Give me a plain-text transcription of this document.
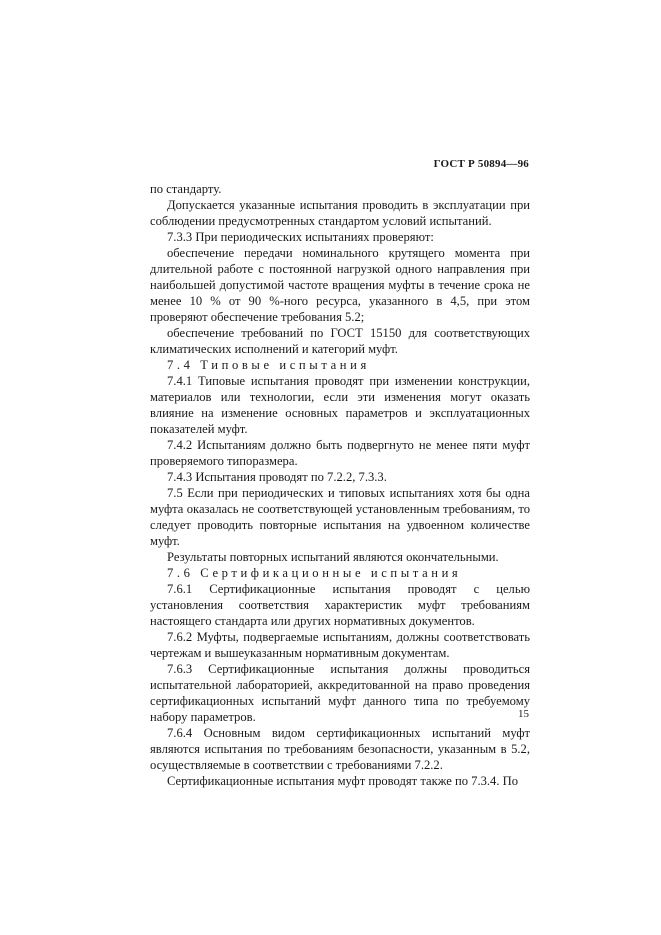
ГОСТ Р 50894—96

по стандарту.

Допускается указанные испытания проводить в эксплуатации при соблюдении предусмотренных стандартом условий испытаний.

7.3.3 При периодических испытаниях проверяют:

обеспечение передачи номинального крутящего момента при длительной работе с постоянной нагрузкой одного направления при наибольшей допустимой частоте вращения муфты в течение срока не менее 10 % от 90 %-ного ресурса, указанного в 4,5, при этом проверяют обеспечение требования 5.2;

обеспечение требований по ГОСТ 15150 для соответствующих климатических исполнений и категорий муфт.

7.4 Типовые испытания

7.4.1 Типовые испытания проводят при изменении конструкции, материалов или технологии, если эти изменения могут оказать влияние на изменение основных параметров и эксплуатационных показателей муфт.

7.4.2 Испытаниям должно быть подвергнуто не менее пяти муфт проверяемого типоразмера.

7.4.3 Испытания проводят по 7.2.2, 7.3.3.

7.5 Если при периодических и типовых испытаниях хотя бы одна муфта оказалась не соответствующей установленным требованиям, то следует проводить повторные испытания на удвоенном количестве муфт.

Результаты повторных испытаний являются окончательными.

7.6 Сертификационные испытания

7.6.1 Сертификационные испытания проводят с целью установления соответствия характеристик муфт требованиям настоящего стандарта или других нормативных документов.

7.6.2 Муфты, подвергаемые испытаниям, должны соответствовать чертежам и вышеуказанным нормативным документам.

7.6.3 Сертификационные испытания должны проводиться испытательной лабораторией, аккредитованной на право проведения сертификационных испытаний муфт данного типа по требуемому набору параметров.

7.6.4 Основным видом сертификационных испытаний муфт являются испытания по требованиям безопасности, указанным в 5.2, осуществляемые в соответствии с требованиями 7.2.2.

Сертификационные испытания муфт проводят также по 7.3.4. По

15
